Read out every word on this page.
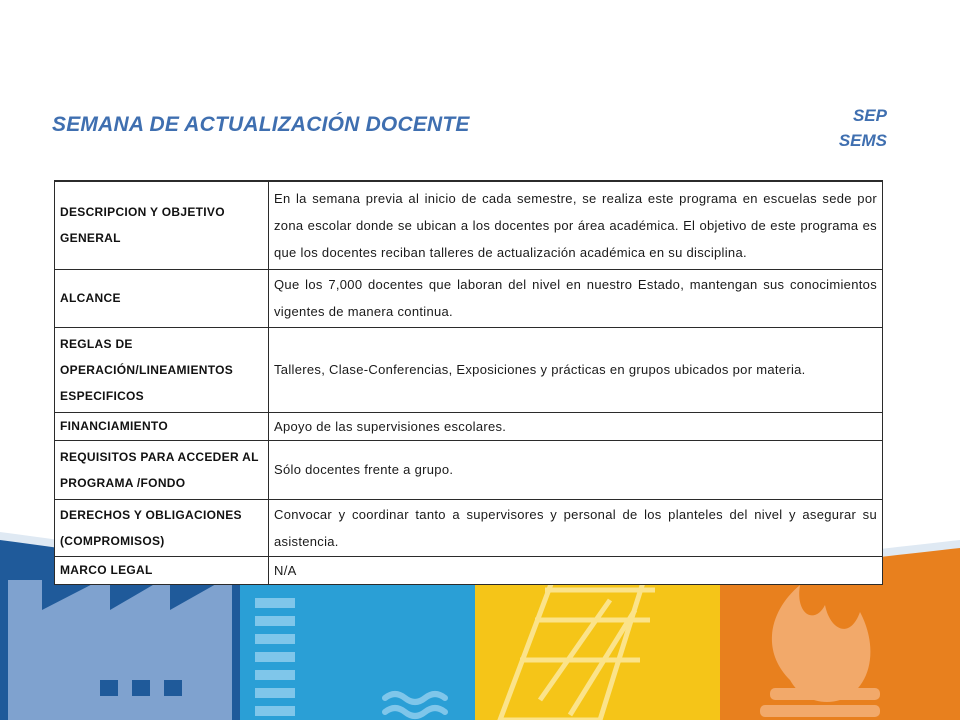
SEMANA DE ACTUALIZACIÓN DOCENTE	SEP
SEMS
DESCRIPCION Y OBJETIVO GENERAL	En la semana previa al inicio de cada semestre, se realiza este programa en escuelas sede por zona escolar donde se ubican a los docentes por área académica. El objetivo de este programa es que los docentes reciban talleres de actualización académica en su disciplina.
ALCANCE	Que los 7,000 docentes que laboran del nivel en nuestro Estado, mantengan sus conocimientos vigentes de manera continua.
REGLAS DE OPERACIÓN/LINEAMIENTOS ESPECIFICOS	Talleres, Clase-Conferencias, Exposiciones y prácticas en grupos ubicados por materia.
FINANCIAMIENTO	Apoyo de las supervisiones escolares.
REQUISITOS PARA ACCEDER AL PROGRAMA /FONDO	Sólo docentes frente a grupo.
DERECHOS Y OBLIGACIONES (COMPROMISOS)	Convocar y coordinar tanto a supervisores y personal de los planteles del nivel y asegurar su asistencia.
MARCO LEGAL	N/A
